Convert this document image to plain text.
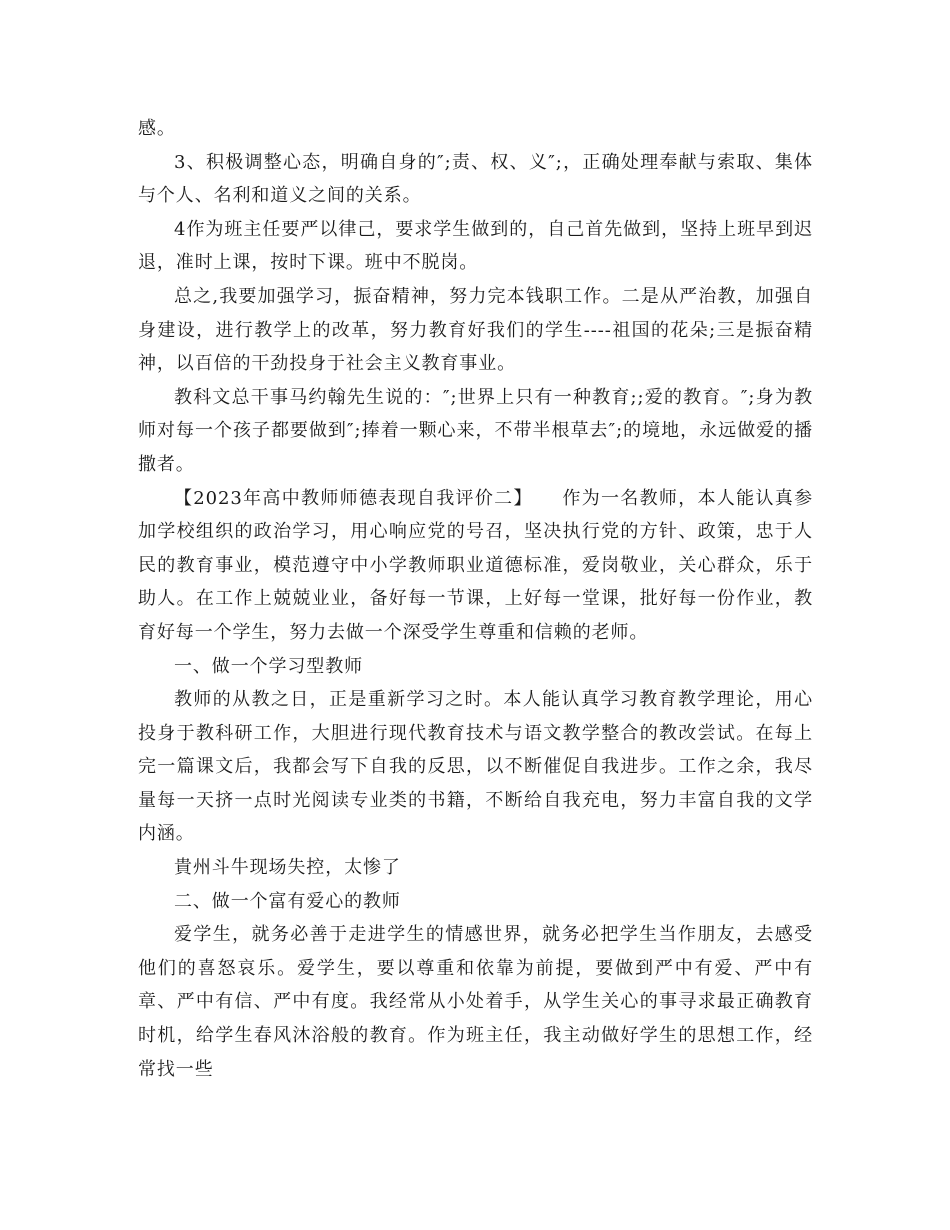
感。

3、积极调整心态，明确自身的″;责、权、义″;，正确处理奉献与索取、集体与个人、名利和道义之间的关系。

4作为班主任要严以律己，要求学生做到的，自己首先做到，坚持上班早到迟退，准时上课，按时下课。班中不脱岗。

总之,我要加强学习，振奋精神，努力完本钱职工作。二是从严治教，加强自身建设，进行教学上的改革，努力教育好我们的学生----祖国的花朵;三是振奋精神，以百倍的干劲投身于社会主义教育事业。

教科文总干事马约翰先生说的：″;世界上只有一种教育;;爱的教育。″;身为教师对每一个孩子都要做到″;捧着一颗心来，不带半根草去″;的境地，永远做爱的播撒者。

【2023年高中教师师德表现自我评价二】　　作为一名教师，本人能认真参加学校组织的政治学习，用心响应党的号召，坚决执行党的方针、政策，忠于人民的教育事业，模范遵守中小学教师职业道德标准，爱岗敬业，关心群众，乐于助人。在工作上兢兢业业，备好每一节课，上好每一堂课，批好每一份作业，教育好每一个学生，努力去做一个深受学生尊重和信赖的老师。

一、做一个学习型教师

教师的从教之日，正是重新学习之时。本人能认真学习教育教学理论，用心投身于教科研工作，大胆进行现代教育技术与语文教学整合的教改尝试。在每上完一篇课文后，我都会写下自我的反思，以不断催促自我进步。工作之余，我尽量每一天挤一点时光阅读专业类的书籍，不断给自我充电，努力丰富自我的文学内涵。

貴州斗牛现场失控，太惨了

二、做一个富有爱心的教师

爱学生，就务必善于走进学生的情感世界，就务必把学生当作朋友，去感受他们的喜怒哀乐。爱学生，要以尊重和依靠为前提，要做到严中有爱、严中有章、严中有信、严中有度。我经常从小处着手，从学生关心的事寻求最正确教育时机，给学生春风沐浴般的教育。作为班主任，我主动做好学生的思想工作，经常找一些
